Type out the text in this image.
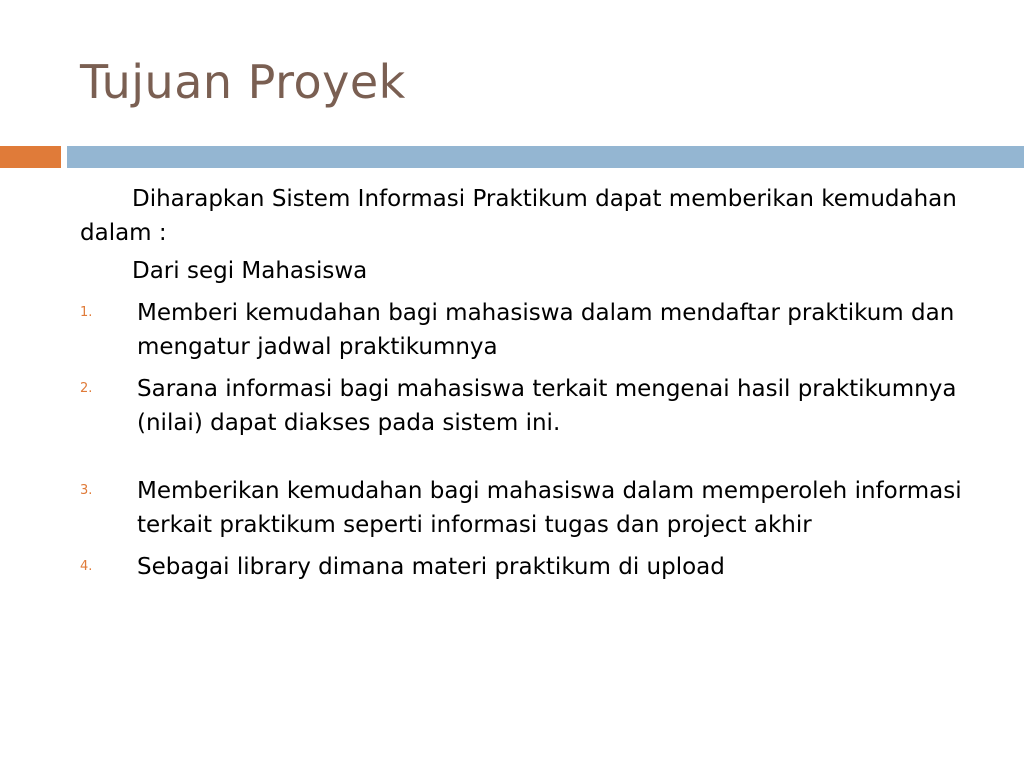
Tujuan Proyek

Diharapkan Sistem Informasi Praktikum dapat memberikan kemudahan dalam :

Dari segi Mahasiswa

1. Memberi kemudahan bagi mahasiswa dalam mendaftar praktikum dan mengatur jadwal praktikumnya
2. Sarana informasi bagi mahasiswa terkait mengenai hasil praktikumnya (nilai) dapat diakses pada sistem ini.
3. Memberikan kemudahan bagi mahasiswa dalam memperoleh informasi terkait praktikum seperti informasi tugas dan project akhir
4. Sebagai library dimana materi praktikum di upload
